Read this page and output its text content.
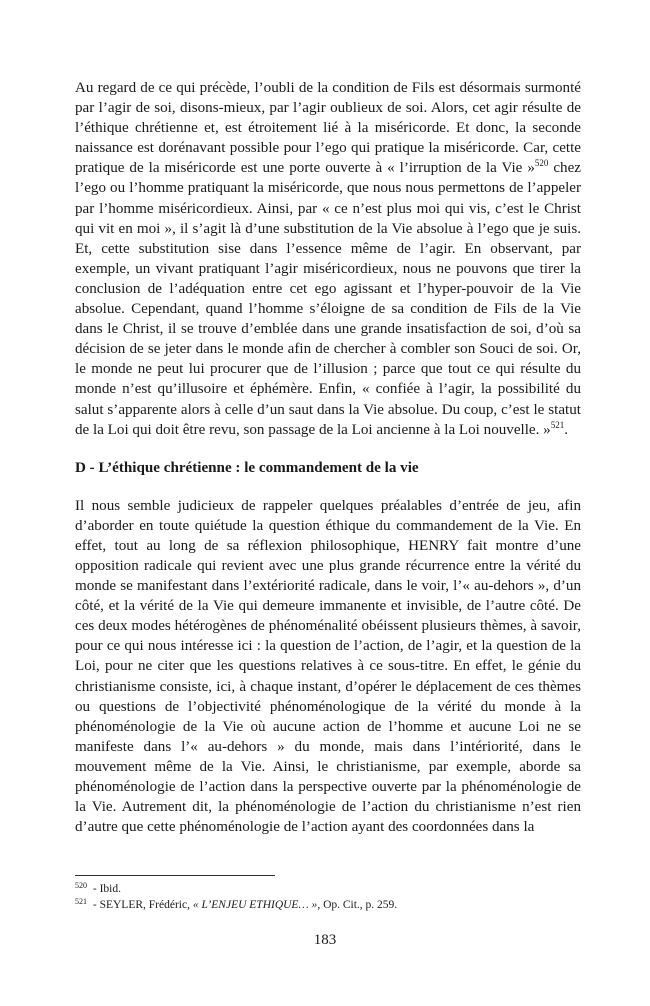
Au regard de ce qui précède, l’oubli de la condition de Fils est désormais surmonté par l’agir de soi, disons-mieux, par l’agir oublieux de soi. Alors, cet agir résulte de l’éthique chrétienne et, est étroitement lié à la miséricorde. Et donc, la seconde naissance est dorénavant possible pour l’ego qui pratique la miséricorde. Car, cette pratique de la miséricorde est une porte ouverte à « l’irruption de la Vie »$^{520}$ chez l’ego ou l’homme pratiquant la miséricorde, que nous nous permettons de l’appeler par l’homme miséricordieux. Ainsi, par « ce n’est plus moi qui vis, c’est le Christ qui vit en moi », il s’agit là d’une substitution de la Vie absolue à l’ego que je suis. Et, cette substitution sise dans l’essence même de l’agir. En observant, par exemple, un vivant pratiquant l’agir miséricordieux, nous ne pouvons que tirer la conclusion de l’adéquation entre cet ego agissant et l’hyper-pouvoir de la Vie absolue. Cependant, quand l’homme s’éloigne de sa condition de Fils de la Vie dans le Christ, il se trouve d’emblée dans une grande insatisfaction de soi, d’où sa décision de se jeter dans le monde afin de chercher à combler son Souci de soi. Or, le monde ne peut lui procurer que de l’illusion ; parce que tout ce qui résulte du monde n’est qu’illusoire et éphémère. Enfin, « confiée à l’agir, la possibilité du salut s’apparente alors à celle d’un saut dans la Vie absolue. Du coup, c’est le statut de la Loi qui doit être revu, son passage de la Loi ancienne à la Loi nouvelle. »$^{521}$.

D - L’éthique chrétienne : le commandement de la vie

Il nous semble judicieux de rappeler quelques préalables d’entrée de jeu, afin d’aborder en toute quiétude la question éthique du commandement de la Vie. En effet, tout au long de sa réflexion philosophique, HENRY fait montre d’une opposition radicale qui revient avec une plus grande récurrence entre la vérité du monde se manifestant dans l’extériorité radicale, dans le voir, l’« au-dehors », d’un côté, et la vérité de la Vie qui demeure immanente et invisible, de l’autre côté. De ces deux modes hétérogènes de phénoménalité obéissent plusieurs thèmes, à savoir, pour ce qui nous intéresse ici : la question de l’action, de l’agir, et la question de la Loi, pour ne citer que les questions relatives à ce sous-titre. En effet, le génie du christianisme consiste, ici, à chaque instant, d’opérer le déplacement de ces thèmes ou questions de l’objectivité phénoménologique de la vérité du monde à la phénoménologie de la Vie où aucune action de l’homme et aucune Loi ne se manifeste dans l’« au-dehors » du monde, mais dans l’intériorité, dans le mouvement même de la Vie. Ainsi, le christianisme, par exemple, aborde sa phénoménologie de l’action dans la perspective ouverte par la phénoménologie de la Vie. Autrement dit, la phénoménologie de l’action du christianisme n’est rien d’autre que cette phénoménologie de l’action ayant des coordonnées dans la

$^{520}$ - Ibid.

$^{521}$ - SEYLER, Frédéric, « L’ENJEU ETHIQUE… », Op. Cit., p. 259.

183
